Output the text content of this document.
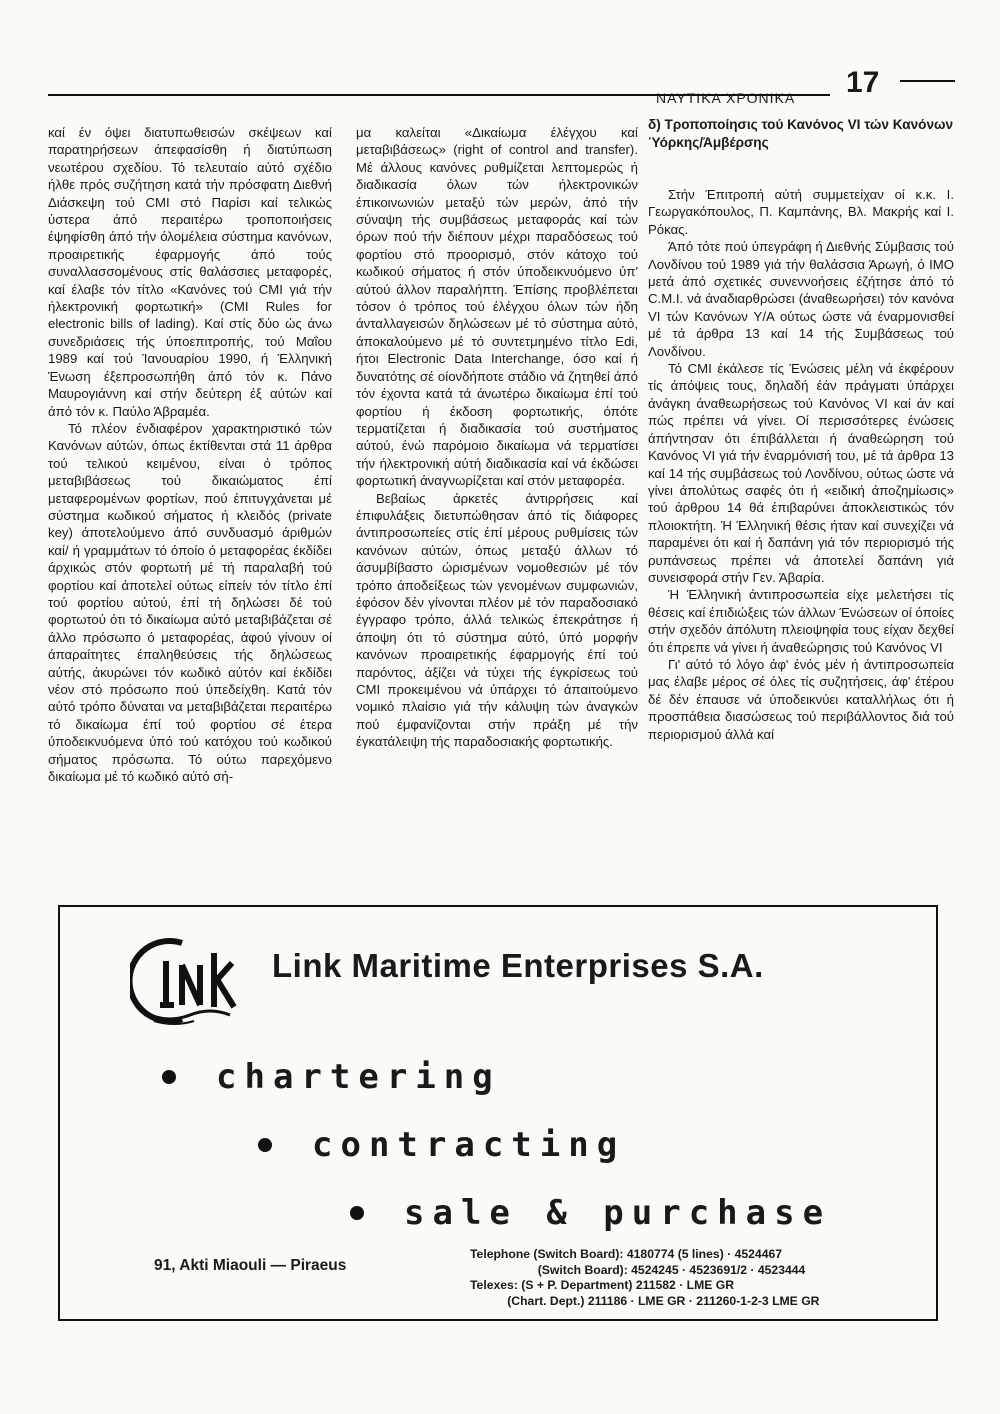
ΝΑΥΤΙΚΑ ΧΡΟΝΙΚΑ 17

καί έν όψει διατυπωθεισών σκέψεων καί παρατηρήσεων άπεφασίσθη ή διατύπωση νεωτέρου σχεδίου. Τό τελευταίο αύτό σχέδιο ήλθε πρός συζήτηση κατά τήν πρόσφατη Διεθνή Διάσκεψη τού CMI στό Παρίσι καί τελικώς ύστερα άπό περαιτέρω τροποποιήσεις έψηφίσθη άπό τήν όλομέλεια σύστημα κανόνων, προαιρετικής έφαρμογής άπό τούς συναλλασσομένους στίς θαλάσσιες μεταφορές, καί έλαβε τόν τίτλο «Κανόνες τού CMI γιά τήν ήλεκτρονική φορτωτική» (CMI Rules for electronic bills of lading). Καί στίς δύο ώς άνω συνεδριάσεις τής ύποεπιτροπής, τού Μαΐου 1989 καί τού Ίανουαρίου 1990, ή Έλληνική Ένωση έξεπροσωπήθη άπό τόν κ. Πάνο Μαυρογιάννη καί στήν δεύτερη έξ αύτών καί άπό τόν κ. Παύλο Άβραμέα.

Τό πλέον ένδιαφέρον χαρακτηριστικό τών Κανόνων αύτών, όπως έκτίθενται στά 11 άρθρα τού τελικού κειμένου, είναι ό τρόπος μεταβιβάσεως τού δικαιώματος έπί μεταφερομένων φορτίων, πού έπιτυγχάνεται μέ σύστημα κωδικού σήματος ή κλειδός (private key) άποτελούμενο άπό συνδυασμό άριθμών καί/ ή γραμμάτων τό όποίο ό μεταφορέας έκδίδει άρχικώς στόν φορτωτή μέ τή παραλαβή τού φορτίου καί άποτελεί ούτως είπείν τόν τίτλο έπί τού φορτίου αύτού, έπί τή δηλώσει δέ τού φορτωτού ότι τό δικαίωμα αύτό μεταβιβάζεται σέ άλλο πρόσωπο ό μεταφορέας, άφού γίνουν οί άπαραίτητες έπαληθεύσεις τής δηλώσεως αύτής, άκυρώνει τόν κωδικό αύτόν καί έκδίδει νέον στό πρόσωπο πού ύπεδείχθη. Κατά τόν αύτό τρόπο δύναται να μεταβιβάζεται περαιτέρω τό δικαίωμα έπί τού φορτίου σέ έτερα ύποδεικνυόμενα ύπό τού κατόχου τού κωδικού σήματος πρόσωπα. Τό ούτω παρεχόμενο δικαίωμα μέ τό κωδικό αύτό σή-

μα καλείται «Δικαίωμα έλέγχου καί μεταβιβάσεως» (right of control and transfer). Μέ άλλους κανόνες ρυθμίζεται λεπτομερώς ή διαδικασία όλων τών ήλεκτρονικών έπικοινωνιών μεταξύ τών μερών, άπό τήν σύναψη τής συμβάσεως μεταφοράς καί τών όρων πού τήν διέπουν μέχρι παραδόσεως τού φορτίου στό προορισμό, στόν κάτοχο τού κωδικού σήματος ή στόν ύποδεικνυόμενο ύπ' αύτού άλλον παραλήπτη. Έπίσης προβλέπεται τόσον ό τρόπος τού έλέγχου όλων τών ήδη άνταλλαγεισών δηλώσεων μέ τό σύστημα αύτό, άποκαλούμενο μέ τό συντετμημένο τίτλο Edi, ήτοι Electronic Data Interchange, όσο καί ή δυνατότης σέ οίονδήποτε στάδιο νά ζητηθεί άπό τόν έχοντα κατά τά άνωτέρω δικαίωμα έπί τού φορτίου ή έκδοση φορτωτικής, όπότε τερματίζεται ή διαδικασία τού συστήματος αύτού, ένώ παρόμοιο δικαίωμα νά τερματίσει τήν ήλεκτρονική αύτή διαδικασία καί νά έκδώσει φορτωτική άναγνωρίζεται καί στόν μεταφορέα.

Βεβαίως άρκετές άντιρρήσεις καί έπιφυλάξεις διετυπώθησαν άπό τίς διάφορες άντιπροσωπείες στίς έπί μέρους ρυθμίσεις τών κανόνων αύτών, όπως μεταξύ άλλων τό άσυμβίβαστο ώρισμένων νομοθεσιών μέ τόν τρόπο άποδείξεως τών γενομένων συμφωνιών, έφόσον δέν γίνονται πλέον μέ τόν παραδοσιακό έγγραφο τρόπο, άλλά τελικώς έπεκράτησε ή άποψη ότι τό σύστημα αύτό, ύπό μορφήν κανόνων προαιρετικής έφαρμογής έπί τού παρόντος, άξίζει νά τύχει τής έγκρίσεως τού CMI προκειμένου νά ύπάρχει τό άπαιτούμενο νομικό πλαίσιο γιά τήν κάλυψη τών άναγκών πού έμφανίζονται στήν πράξη μέ τήν έγκατάλειψη τής παραδοσιακής φορτωτικής.

δ) Τροποποίησις τού Κανόνος VI τών Κανόνων Ύόρκης/Άμβέρσης

Στήν Έπιτροπή αύτή συμμετείχαν οί κ.κ. Ι. Γεωργακόπουλος, Π. Καμπάνης, Βλ. Μακρής καί Ι. Ρόκας.

Άπό τότε πού ύπεγράφη ή Διεθνής Σύμβασις τού Λονδίνου τού 1989 γιά τήν θαλάσσια Άρωγή, ό ΙΜΟ μετά άπό σχετικές συνεννοήσεις έζήτησε άπό τό C.M.I. νά άναδιαρθρώσει (άναθεωρήσει) τόν κανόνα VI τών Κανόνων Υ/Α ούτως ώστε νά έναρμονισθεί μέ τά άρθρα 13 καί 14 τής Συμβάσεως τού Λονδίνου.

Τό CMI έκάλεσε τίς Ένώσεις μέλη νά έκφέρουν τίς άπόψεις τους, δηλαδή έάν πράγματι ύπάρχει άνάγκη άναθεωρήσεως τού Κανόνος VI καί άν καί πώς πρέπει νά γίνει. Οί περισσότερες ένώσεις άπήντησαν ότι έπιβάλλεται ή άναθεώρηση τού Κανόνος VI γιά τήν έναρμόνισή του, μέ τά άρθρα 13 καί 14 τής συμβάσεως τού Λονδίνου, ούτως ώστε νά γίνει άπολύτως σαφές ότι ή «ειδική άποζημίωσις» τού άρθρου 14 θά έπιβαρύνει άποκλειστικώς τόν πλοιοκτήτη. Ή Έλληνική θέσις ήταν καί συνεχίζει νά παραμένει ότι καί ή δαπάνη γιά τόν περιορισμό τής ρυπάνσεως πρέπει νά άποτελεί δαπάνη γιά συνεισφορά στήν Γεν. Άβαρία.

Ή Έλληνική άντιπροσωπεία είχε μελετήσει τίς θέσεις καί έπιδιώξεις τών άλλων Ένώσεων οί όποίες στήν σχεδόν άπόλυτη πλειοψηφία τους είχαν δεχθεί ότι έπρεπε νά γίνει ή άναθεώρησις τού Κανόνος VI

Γι' αύτό τό λόγο άφ' ένός μέν ή άντιπροσωπεία μας έλαβε μέρος σέ όλες τίς συζητήσεις, άφ' έτέρου δέ δέν έπαυσε νά ύποδεικνύει καταλλήλως ότι ή προσπάθεια διασώσεως τού περιβάλλοντος διά τού περιορισμού άλλά καί

Link Maritime Enterprises S.A.
chartering
contracting
sale & purchase
91, Akti Miaouli — Piraeus
Telephone (Switch Board): 4180774 (5 lines) · 4524467
(Switch Board): 4524245 · 4523691/2 · 4523444
Telexes: (S + P. Department) 211582 · LME GR
(Chart. Dept.) 211186 · LME GR · 211260-1-2-3 LME GR
